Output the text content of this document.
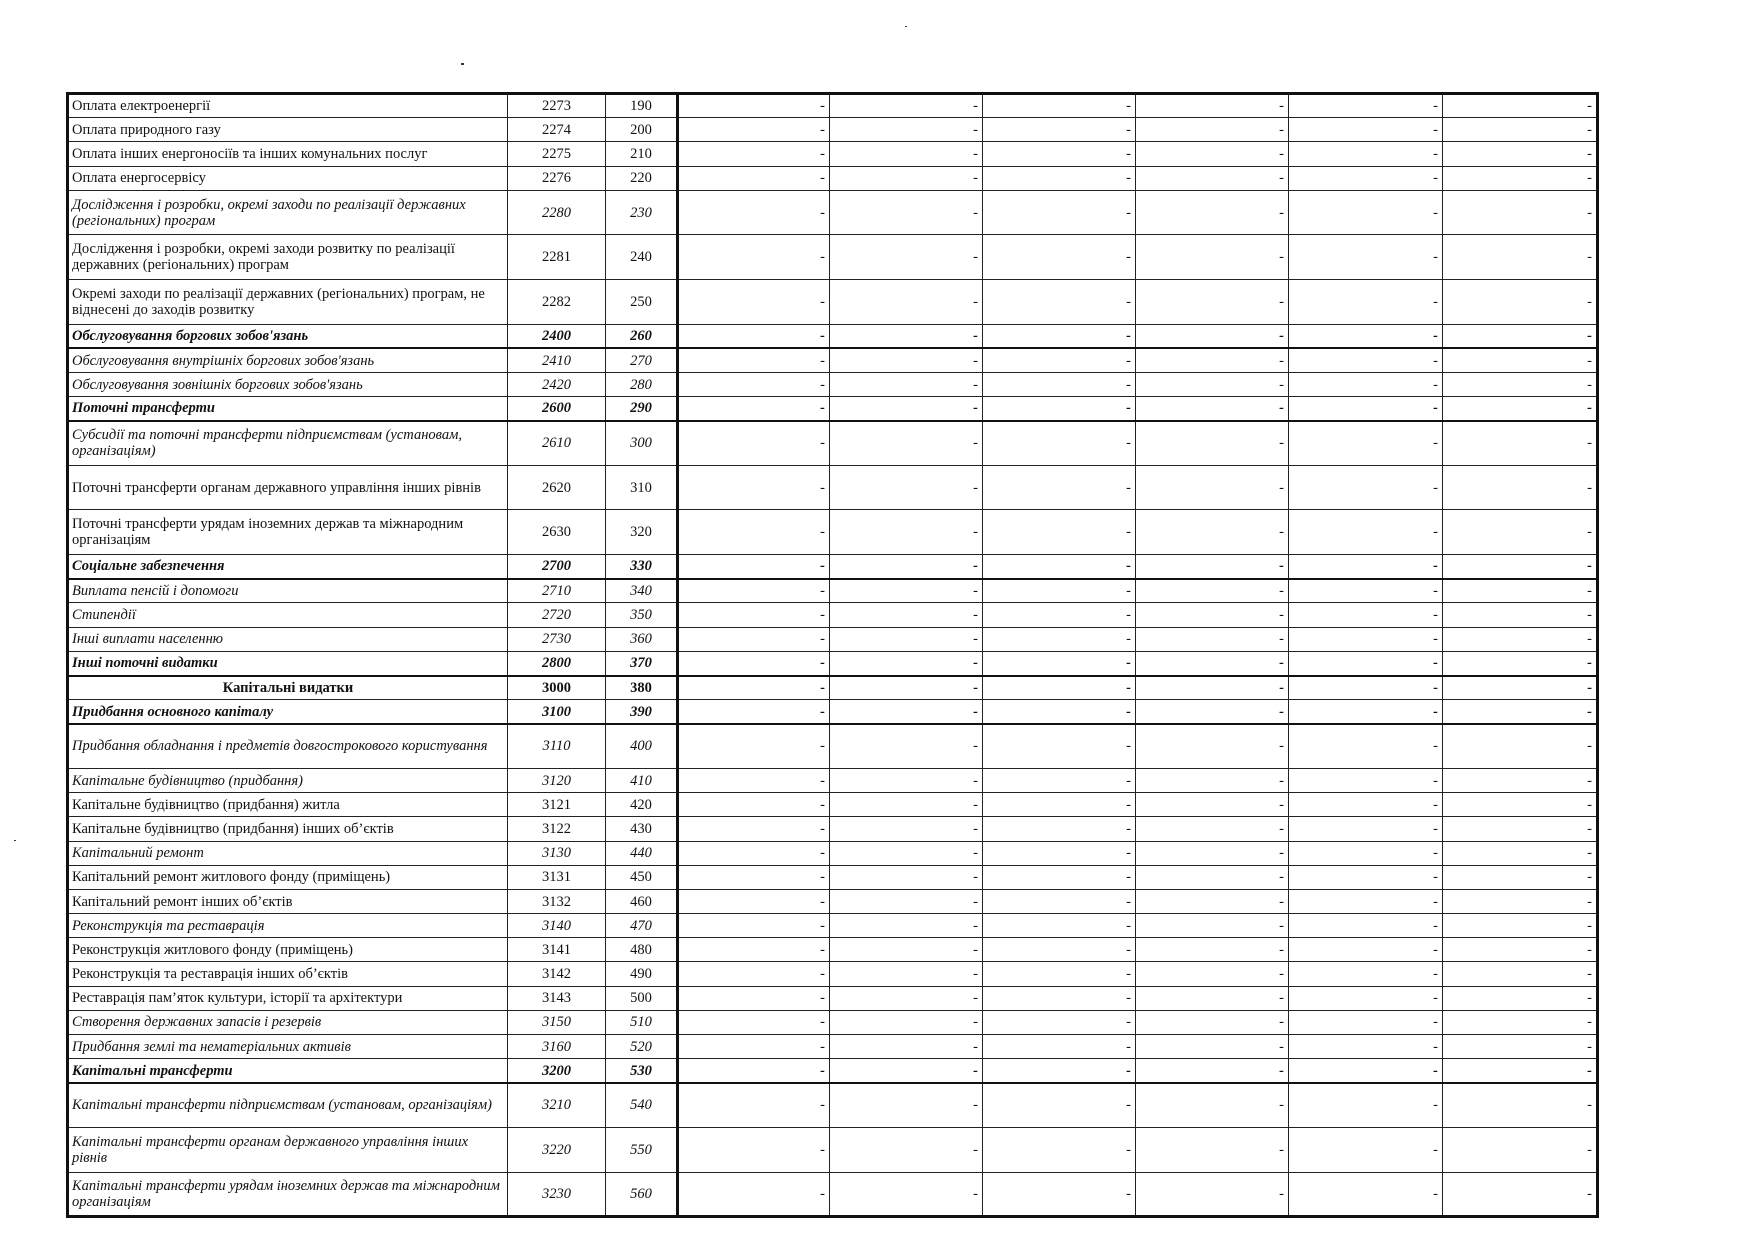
Оплата електроенергії	2273	190	-	-	-	-	-	-
Оплата природного газу	2274	200	-	-	-	-	-	-
Оплата інших енергоносіїв та інших комунальних послуг	2275	210	-	-	-	-	-	-
Оплата енергосервісу	2276	220	-	-	-	-	-	-
Дослідження і розробки, окремі заходи по реалізації державних (регіональних) програм	2280	230	-	-	-	-	-	-
Дослідження і розробки, окремі заходи розвитку по реалізації державних (регіональних) програм	2281	240	-	-	-	-	-	-
Окремі заходи по реалізації державних (регіональних) програм, не віднесені до заходів розвитку	2282	250	-	-	-	-	-	-
Обслуговування боргових зобов'язань	2400	260	-	-	-	-	-	-
Обслуговування внутрішніх боргових зобов'язань	2410	270	-	-	-	-	-	-
Обслуговування зовнішніх боргових зобов'язань	2420	280	-	-	-	-	-	-
Поточні трансферти	2600	290	-	-	-	-	-	-
Субсидії та поточні трансферти підприємствам (установам, організаціям)	2610	300	-	-	-	-	-	-
Поточні трансферти органам державного управління інших рівнів	2620	310	-	-	-	-	-	-
Поточні трансферти урядам іноземних держав та міжнародним організаціям	2630	320	-	-	-	-	-	-
Соціальне забезпечення	2700	330	-	-	-	-	-	-
Виплата пенсій і допомоги	2710	340	-	-	-	-	-	-
Стипендії	2720	350	-	-	-	-	-	-
Інші виплати населенню	2730	360	-	-	-	-	-	-
Інші поточні видатки	2800	370	-	-	-	-	-	-
Капітальні видатки	3000	380	-	-	-	-	-	-
Придбання основного капіталу	3100	390	-	-	-	-	-	-
Придбання обладнання і предметів довгострокового користування	3110	400	-	-	-	-	-	-
Капітальне будівництво (придбання)	3120	410	-	-	-	-	-	-
Капітальне будівництво (придбання) житла	3121	420	-	-	-	-	-	-
Капітальне будівництво (придбання) інших об’єктів	3122	430	-	-	-	-	-	-
Капітальний ремонт	3130	440	-	-	-	-	-	-
Капітальний ремонт житлового фонду (приміщень)	3131	450	-	-	-	-	-	-
Капітальний ремонт інших об’єктів	3132	460	-	-	-	-	-	-
Реконструкція та реставрація	3140	470	-	-	-	-	-	-
Реконструкція житлового фонду (приміщень)	3141	480	-	-	-	-	-	-
Реконструкція та реставрація інших об’єктів	3142	490	-	-	-	-	-	-
Реставрація пам’яток культури, історії та архітектури	3143	500	-	-	-	-	-	-
Створення державних запасів і резервів	3150	510	-	-	-	-	-	-
Придбання землі та нематеріальних активів	3160	520	-	-	-	-	-	-
Капітальні трансферти	3200	530	-	-	-	-	-	-
Капітальні трансферти підприємствам (установам, організаціям)	3210	540	-	-	-	-	-	-
Капітальні трансферти органам державного управління інших рівнів	3220	550	-	-	-	-	-	-
Капітальні трансферти урядам іноземних держав та міжнародним організаціям	3230	560	-	-	-	-	-	-
